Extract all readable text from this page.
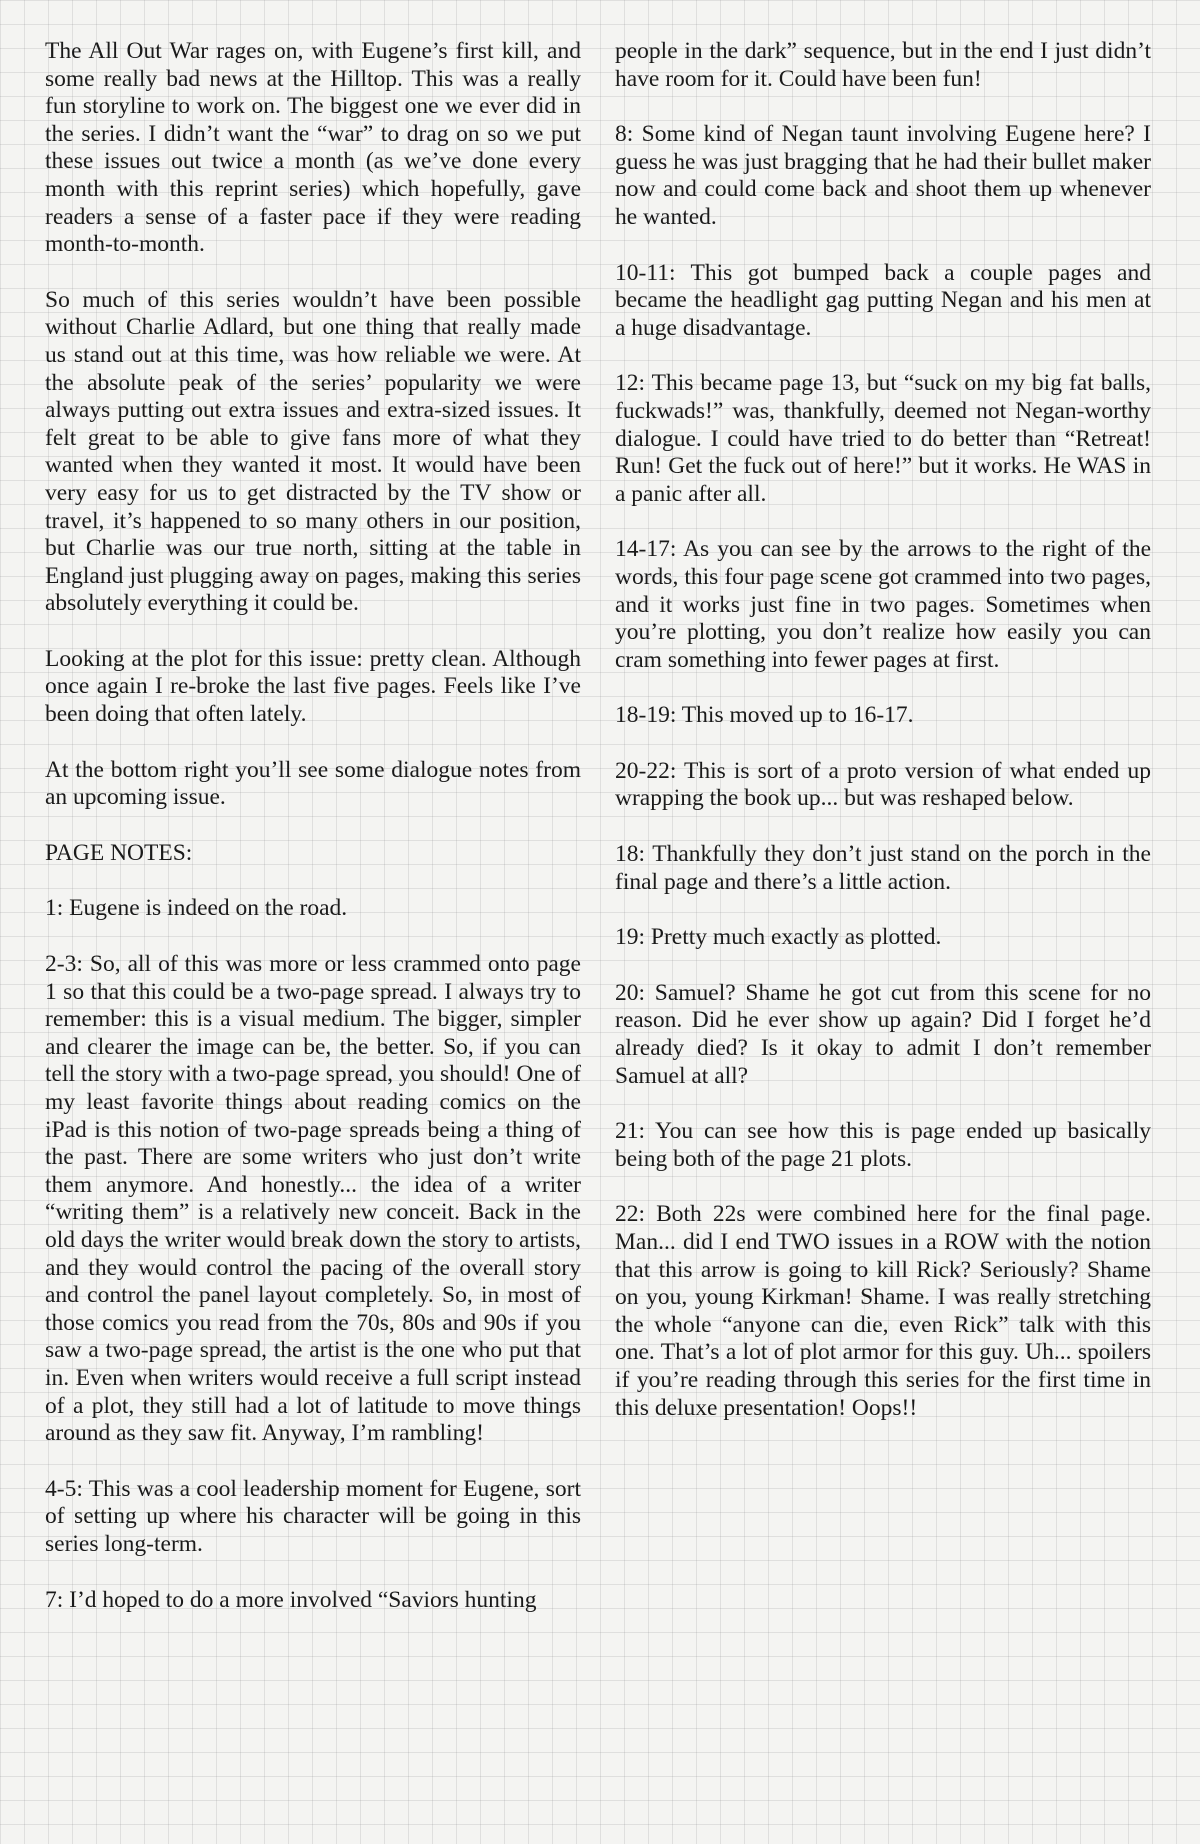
The All Out War rages on, with Eugene’s first kill, and some really bad news at the Hilltop. This was a really fun storyline to work on. The biggest one we ever did in the series. I didn’t want the “war” to drag on so we put these issues out twice a month (as we’ve done every month with this reprint series) which hopefully, gave readers a sense of a faster pace if they were reading month-to-month.

So much of this series wouldn’t have been possible without Charlie Adlard, but one thing that really made us stand out at this time, was how reliable we were. At the absolute peak of the series’ popularity we were always putting out extra issues and extra-sized issues. It felt great to be able to give fans more of what they wanted when they wanted it most. It would have been very easy for us to get distracted by the TV show or travel, it’s happened to so many others in our position, but Charlie was our true north, sitting at the table in England just plugging away on pages, making this series absolutely everything it could be.

Looking at the plot for this issue: pretty clean. Although once again I re-broke the last five pages. Feels like I’ve been doing that often lately.

At the bottom right you’ll see some dialogue notes from an upcoming issue.

PAGE NOTES:

1: Eugene is indeed on the road.

2-3: So, all of this was more or less crammed onto page 1 so that this could be a two-page spread. I always try to remember: this is a visual medium. The bigger, simpler and clearer the image can be, the better. So, if you can tell the story with a two-page spread, you should! One of my least favorite things about reading comics on the iPad is this notion of two-page spreads being a thing of the past. There are some writers who just don’t write them anymore. And honestly... the idea of a writer “writing them” is a relatively new conceit. Back in the old days the writer would break down the story to artists, and they would control the pacing of the overall story and control the panel layout completely. So, in most of those comics you read from the 70s, 80s and 90s if you saw a two-page spread, the artist is the one who put that in. Even when writers would receive a full script instead of a plot, they still had a lot of latitude to move things around as they saw fit. Anyway, I’m rambling!

4-5: This was a cool leadership moment for Eugene, sort of setting up where his character will be going in this series long-term.

7: I’d hoped to do a more involved “Saviors hunting

people in the dark” sequence, but in the end I just didn’t have room for it. Could have been fun!

8: Some kind of Negan taunt involving Eugene here? I guess he was just bragging that he had their bullet maker now and could come back and shoot them up whenever he wanted.

10-11: This got bumped back a couple pages and became the headlight gag putting Negan and his men at a huge disadvantage.

12: This became page 13, but “suck on my big fat balls, fuckwads!” was, thankfully, deemed not Negan-worthy dialogue. I could have tried to do better than “Retreat! Run! Get the fuck out of here!” but it works. He WAS in a panic after all.

14-17: As you can see by the arrows to the right of the words, this four page scene got crammed into two pages, and it works just fine in two pages. Sometimes when you’re plotting, you don’t realize how easily you can cram something into fewer pages at first.

18-19: This moved up to 16-17.

20-22: This is sort of a proto version of what ended up wrapping the book up... but was reshaped below.

18: Thankfully they don’t just stand on the porch in the final page and there’s a little action.

19: Pretty much exactly as plotted.

20: Samuel? Shame he got cut from this scene for no reason. Did he ever show up again? Did I forget he’d already died? Is it okay to admit I don’t remember Samuel at all?

21: You can see how this is page ended up basically being both of the page 21 plots.

22: Both 22s were combined here for the final page. Man... did I end TWO issues in a ROW with the notion that this arrow is going to kill Rick? Seriously? Shame on you, young Kirkman! Shame. I was really stretching the whole “anyone can die, even Rick” talk with this one. That’s a lot of plot armor for this guy. Uh... spoilers if you’re reading through this series for the first time in this deluxe presentation! Oops!!
